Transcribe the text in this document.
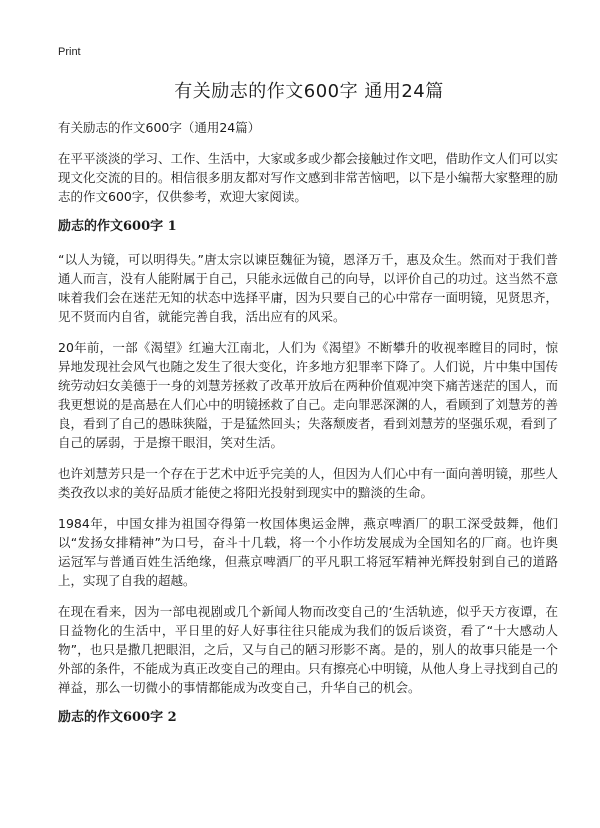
Print
有关励志的作文600字 通用24篇
有关励志的作文600字（通用24篇）

在平平淡淡的学习、工作、生活中，大家或多或少都会接触过作文吧，借助作文人们可以实现文化交流的目的。相信很多朋友都对写作文感到非常苦恼吧，以下是小编帮大家整理的励志的作文600字，仅供参考，欢迎大家阅读。

励志的作文600字 1

“以人为镜，可以明得失。”唐太宗以谏臣魏征为镜，恩泽万千，惠及众生。然而对于我们普通人而言，没有人能附属于自己，只能永远做自己的向导，以评价自己的功过。这当然不意味着我们会在迷茫无知的状态中选择平庸，因为只要自己的心中常存一面明镜，见贤思齐，见不贤而内自省，就能完善自我，活出应有的风采。

20年前，一部《渴望》红遍大江南北，人们为《渴望》不断攀升的收视率瞠目的同时，惊异地发现社会风气也随之发生了很大变化，许多地方犯罪率下降了。人们说，片中集中国传统劳动妇女美德于一身的刘慧芳拯救了改革开放后在两种价值观冲突下痛苦迷茫的国人，而我更想说的是高悬在人们心中的明镜拯救了自己。走向罪恶深渊的人，看顾到了刘慧芳的善良，看到了自己的愚昧狭隘，于是猛然回头；失落颓废者，看到刘慧芳的坚强乐观，看到了自己的孱弱，于是擦干眼泪，笑对生活。

也许刘慧芳只是一个存在于艺术中近乎完美的人，但因为人们心中有一面向善明镜，那些人类孜孜以求的美好品质才能使之将阳光投射到现实中的黯淡的生命。

1984年，中国女排为祖国夺得第一枚国体奥运金牌，燕京啤酒厂的职工深受鼓舞，他们以“发扬女排精神”为口号，奋斗十几载，将一个小作坊发展成为全国知名的厂商。也许奥运冠军与普通百姓生活绝缘，但燕京啤酒厂的平凡职工将冠军精神光辉投射到自己的道路上，实现了自我的超越。

在现在看来，因为一部电视剧或几个新闻人物而改变自己的‘生活轨迹，似乎天方夜谭，在日益物化的生活中，平日里的好人好事往往只能成为我们的饭后谈资，看了“十大感动人物”，也只是撒几把眼泪，之后，又与自己的陋习形影不离。是的，别人的故事只能是一个外部的条件，不能成为真正改变自己的理由。只有擦亮心中明镜，从他人身上寻找到自己的禅益，那么一切微小的事情都能成为改变自己，升华自己的机会。

励志的作文600字 2
